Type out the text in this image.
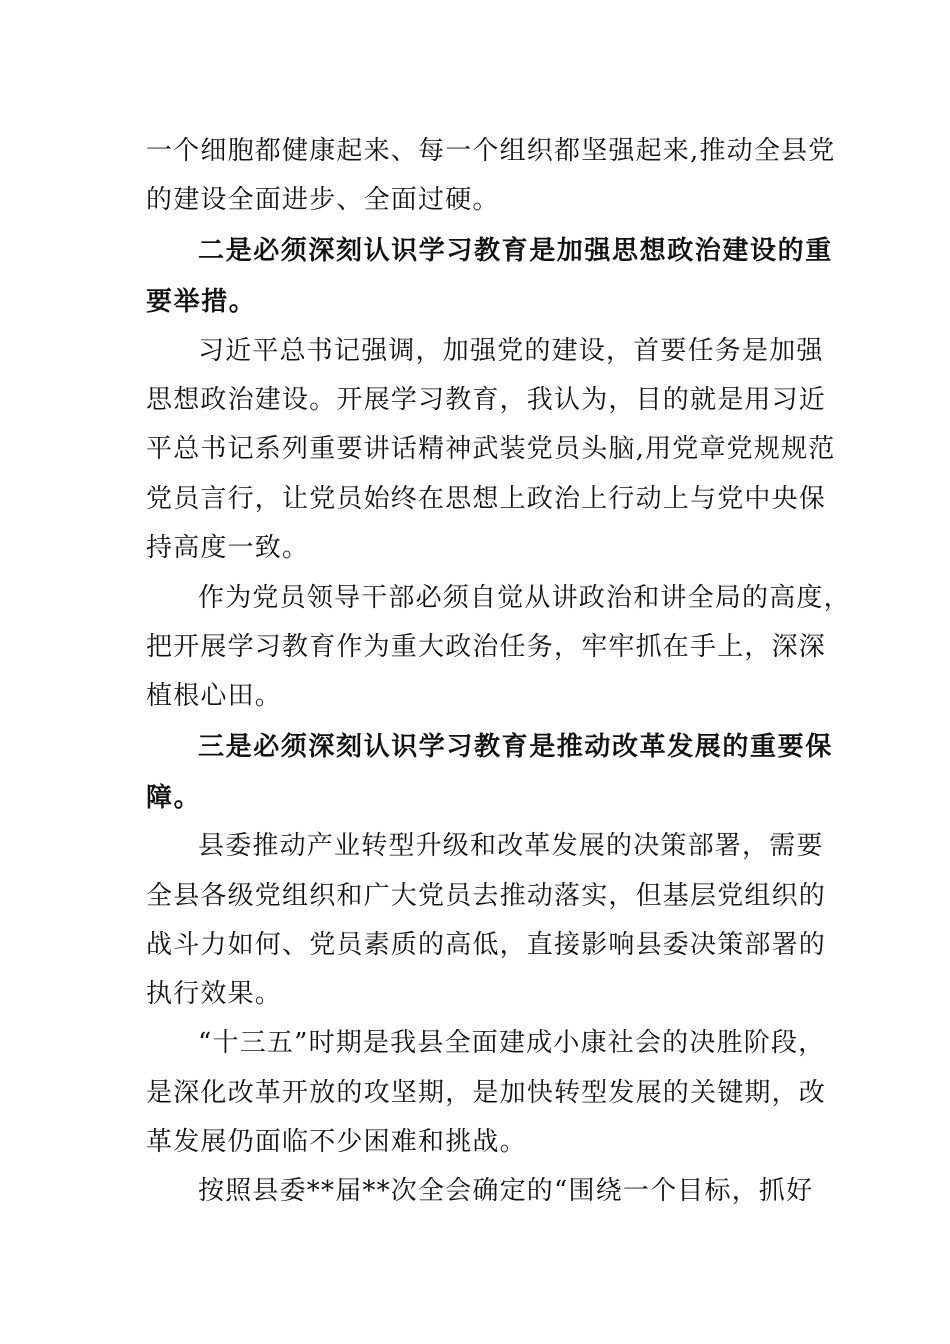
一个细胞都健康起来、每一个组织都坚强起来,推动全县党
的建设全面进步、全面过硬。
二是必须深刻认识学习教育是加强思想政治建设的重
要举措。
习近平总书记强调，加强党的建设，首要任务是加强
思想政治建设。开展学习教育，我认为，目的就是用习近
平总书记系列重要讲话精神武装党员头脑,用党章党规规范
党员言行，让党员始终在思想上政治上行动上与党中央保
持高度一致。
作为党员领导干部必须自觉从讲政治和讲全局的高度，
把开展学习教育作为重大政治任务，牢牢抓在手上，深深
植根心田。
三是必须深刻认识学习教育是推动改革发展的重要保
障。
县委推动产业转型升级和改革发展的决策部署，需要
全县各级党组织和广大党员去推动落实，但基层党组织的
战斗力如何、党员素质的高低，直接影响县委决策部署的
执行效果。
“十三五”时期是我县全面建成小康社会的决胜阶段，
是深化改革开放的攻坚期，是加快转型发展的关键期，改
革发展仍面临不少困难和挑战。
按照县委**届**次全会确定的“围绕一个目标，抓好
